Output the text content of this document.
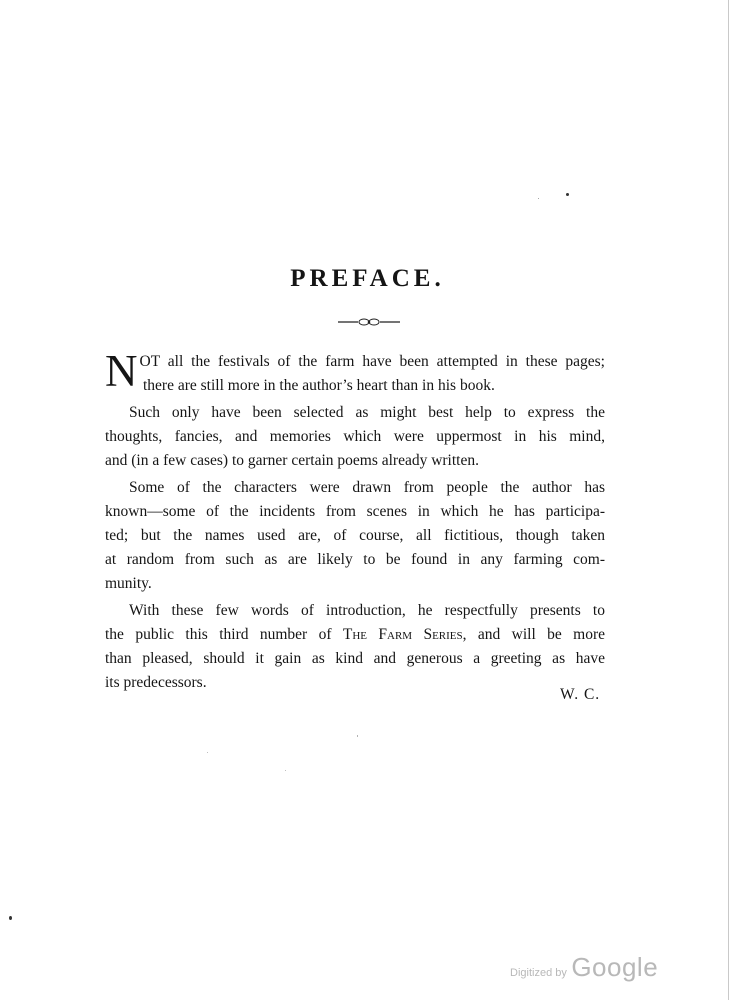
PREFACE.

N OT all the festivals of the farm have been attempted in these pages;
there are still more in the author’s heart than in his book.

Such only have been selected as might best help to express the
thoughts, fancies, and memories which were uppermost in his mind,
and (in a few cases) to garner certain poems already written.

Some of the characters were drawn from people the author has
known—some of the incidents from scenes in which he has participa-
ted; but the names used are, of course, all fictitious, though taken
at random from such as are likely to be found in any farming com-
munity.

With these few words of introduction, he respectfully presents to
the public this third number of The Farm Series, and will be more
than pleased, should it gain as kind and generous a greeting as have
its predecessors.

W. C.

Digitized by Google
